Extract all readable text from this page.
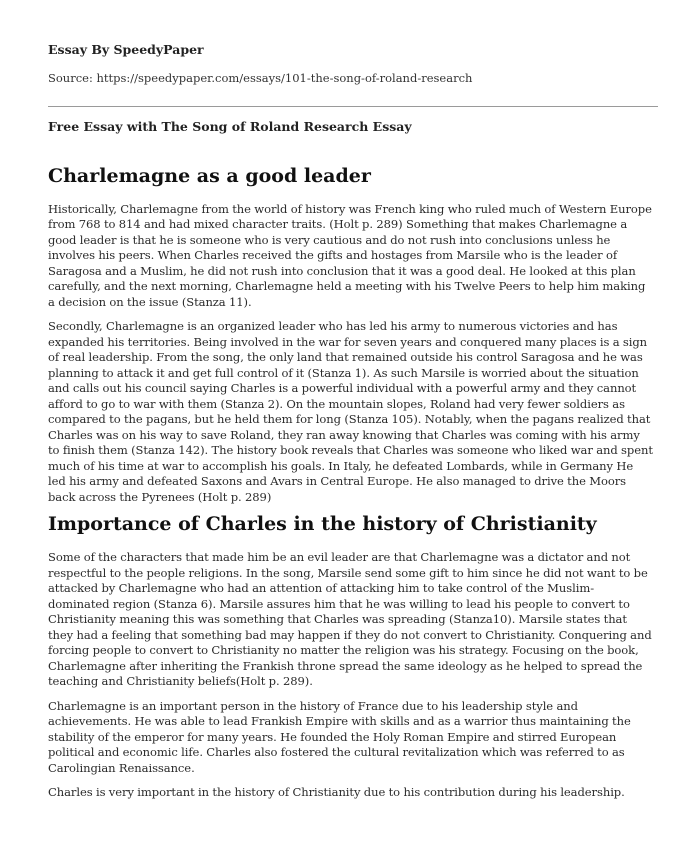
Essay By SpeedyPaper
Source: https://speedypaper.com/essays/101-the-song-of-roland-research
Free Essay with The Song of Roland Research Essay
Charlemagne as a good leader

Historically, Charlemagne from the world of history was French king who ruled much of Western Europe from 768 to 814 and had mixed character traits. (Holt p. 289) Something that makes Charlemagne a good leader is that he is someone who is very cautious and do not rush into conclusions unless he involves his peers. When Charles received the gifts and hostages from Marsile who is the leader of Saragosa and a Muslim, he did not rush into conclusion that it was a good deal. He looked at this plan carefully, and the next morning, Charlemagne held a meeting with his Twelve Peers to help him making a decision on the issue (Stanza 11).

Secondly, Charlemagne is an organized leader who has led his army to numerous victories and has expanded his territories. Being involved in the war for seven years and conquered many places is a sign of real leadership. From the song, the only land that remained outside his control Saragosa and he was planning to attack it and get full control of it (Stanza 1). As such Marsile is worried about the situation and calls out his council saying Charles is a powerful individual with a powerful army and they cannot afford to go to war with them (Stanza 2). On the mountain slopes, Roland had very fewer soldiers as compared to the pagans, but he held them for long (Stanza 105). Notably, when the pagans realized that Charles was on his way to save Roland, they ran away knowing that Charles was coming with his army to finish them (Stanza 142). The history book reveals that Charles was someone who liked war and spent much of his time at war to accomplish his goals. In Italy, he defeated Lombards, while in Germany He led his army and defeated Saxons and Avars in Central Europe. He also managed to drive the Moors back across the Pyrenees (Holt p. 289)

Importance of Charles in the history of Christianity

Some of the characters that made him be an evil leader are that Charlemagne was a dictator and not respectful to the people religions. In the song, Marsile send some gift to him since he did not want to be attacked by Charlemagne who had an attention of attacking him to take control of the Muslim-dominated region (Stanza 6). Marsile assures him that he was willing to lead his people to convert to Christianity meaning this was something that Charles was spreading (Stanza10). Marsile states that they had a feeling that something bad may happen if they do not convert to Christianity. Conquering and forcing people to convert to Christianity no matter the religion was his strategy. Focusing on the book, Charlemagne after inheriting the Frankish throne spread the same ideology as he helped to spread the teaching and Christianity beliefs(Holt p. 289).

Charlemagne is an important person in the history of France due to his leadership style and achievements. He was able to lead Frankish Empire with skills and as a warrior thus maintaining the stability of the emperor for many years. He founded the Holy Roman Empire and stirred European political and economic life. Charles also fostered the cultural revitalization which was referred to as Carolingian Renaissance.

Charles is very important in the history of Christianity due to his contribution during his leadership.
